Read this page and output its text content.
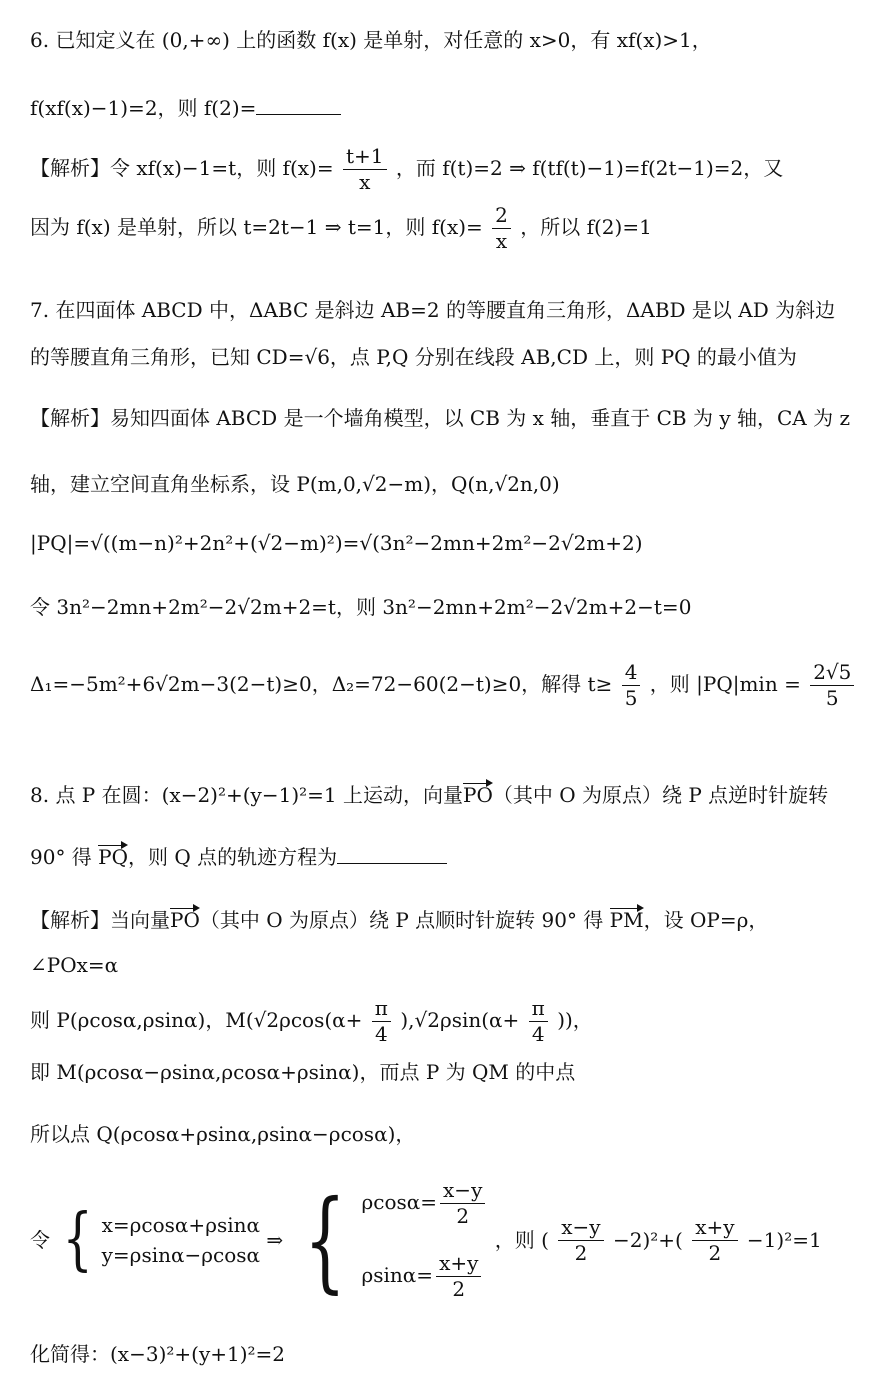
6. 已知定义在 (0,+∞) 上的函数 f(x) 是单射，对任意的 x>0，有 xf(x)>1，
f(xf(x)−1)=2，则 f(2)=
【解析】令 xf(x)−1=t，则 $f(x)= \frac{t+1}{x}$ ，而 f(t)=2 ⇒ f(tf(t)−1)=f(2t−1)=2，又
因为 f(x) 是单射，所以 t=2t−1 ⇒ t=1，则 $f(x)= \frac{2}{x}$ ，所以 f(2)=1
7. 在四面体 ABCD 中，ΔABC 是斜边 AB=2 的等腰直角三角形，ΔABD 是以 AD 为斜边
的等腰直角三角形，已知 CD=√6，点 P,Q 分别在线段 AB,CD 上，则 PQ 的最小值为
【解析】易知四面体 ABCD 是一个墙角模型，以 CB 为 x 轴，垂直于 CB 为 y 轴，CA 为 z
轴，建立空间直角坐标系，设 P(m,0,√2−m)，Q(n,√2n,0)
|PQ|=√((m−n)²+2n²+(√2−m)²)=√(3n²−2mn+2m²−2√2m+2)
令 3n²−2mn+2m²−2√2m+2=t，则 3n²−2mn+2m²−2√2m+2−t=0
Δ₁=−5m²+6√2m−3(2−t)≥0，Δ₂=72−60(2−t)≥0，解得 $t\ge \frac{4}{5}$ ，则 $|PQ|\min = \frac{2√5}{5}$
8. 点 P 在圆：(x−2)²+(y−1)²=1 上运动，向量PO（其中 O 为原点）绕 P 点逆时针旋转
90° 得 PQ，则 Q 点的轨迹方程为
【解析】当向量PO（其中 O 为原点）绕 P 点顺时针旋转 90° 得 PM，设 OP=ρ，
∠POx=α
则 P(ρcosα,ρsinα)，$M(√2\rho\cos(\alpha+ \frac{\pi}{4} ),√2\rho\sin(\alpha+ \frac{\pi}{4}$ ))，
即 M(ρcosα−ρsinα,ρcosα+ρsinα)，而点 P 为 QM 的中点
所以点 Q(ρcosα+ρsinα,ρsinα−ρcosα)，
令 { x=ρcosα+ρsinα
y=ρsinα−ρcosα
⇒ { $\rho\cos\alpha= \frac{x-y}{2}$
$\rho\sin\alpha= \frac{x+y}{2}$
，则 ( $\frac{x-y}{2} -2)^2+( \frac{x+y}{2} -1)^2=1$
化简得：(x−3)²+(y+1)²=2
